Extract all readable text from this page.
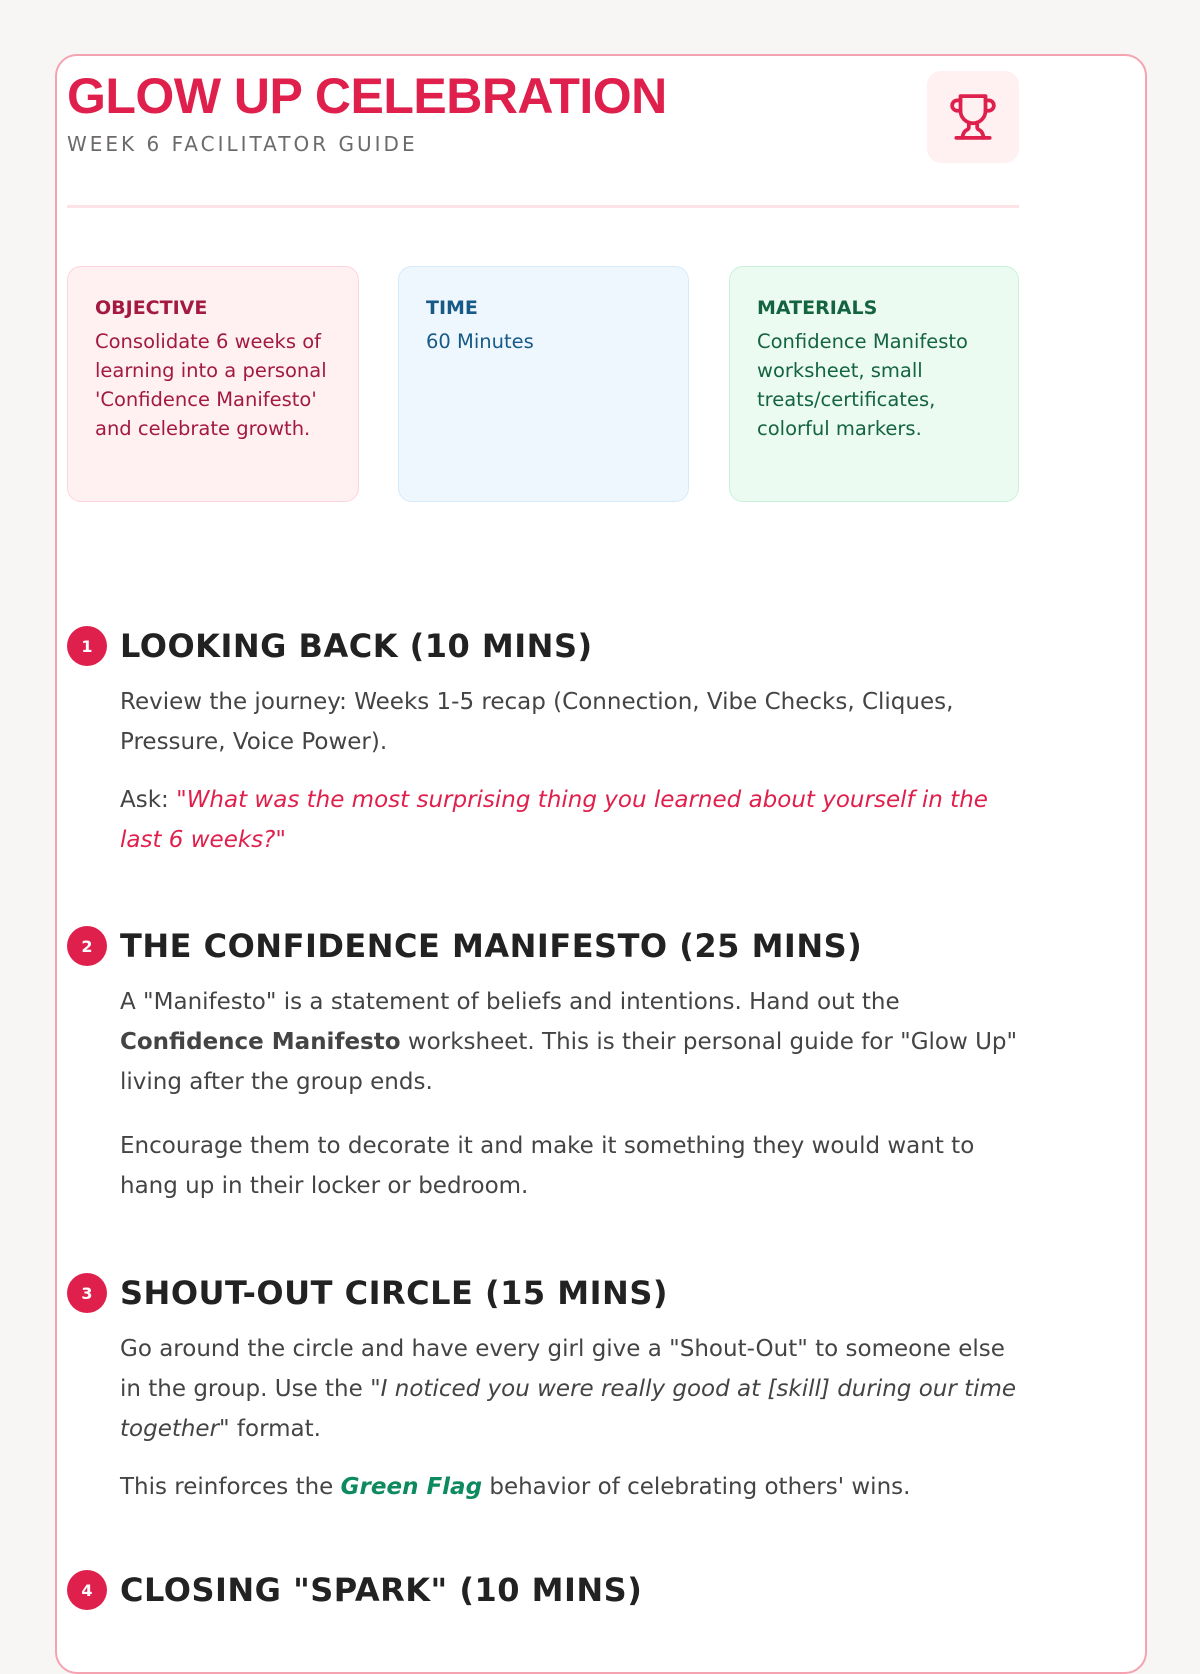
GLOW UP CELEBRATION
WEEK 6 FACILITATOR GUIDE
OBJECTIVE
Consolidate 6 weeks of learning into a personal 'Confidence Manifesto' and celebrate growth.
TIME
60 Minutes
MATERIALS
Confidence Manifesto worksheet, small treats/certificates, colorful markers.
1 LOOKING BACK (10 MINS)

Review the journey: Weeks 1-5 recap (Connection, Vibe Checks, Cliques, Pressure, Voice Power).

Ask: "What was the most surprising thing you learned about yourself in the last 6 weeks?"

2 THE CONFIDENCE MANIFESTO (25 MINS)

A "Manifesto" is a statement of beliefs and intentions. Hand out the Confidence Manifesto worksheet. This is their personal guide for "Glow Up" living after the group ends.

Encourage them to decorate it and make it something they would want to hang up in their locker or bedroom.

3 SHOUT-OUT CIRCLE (15 MINS)

Go around the circle and have every girl give a "Shout-Out" to someone else in the group. Use the "I noticed you were really good at [skill] during our time together" format.

This reinforces the Green Flag behavior of celebrating others' wins.

4 CLOSING "SPARK" (10 MINS)
